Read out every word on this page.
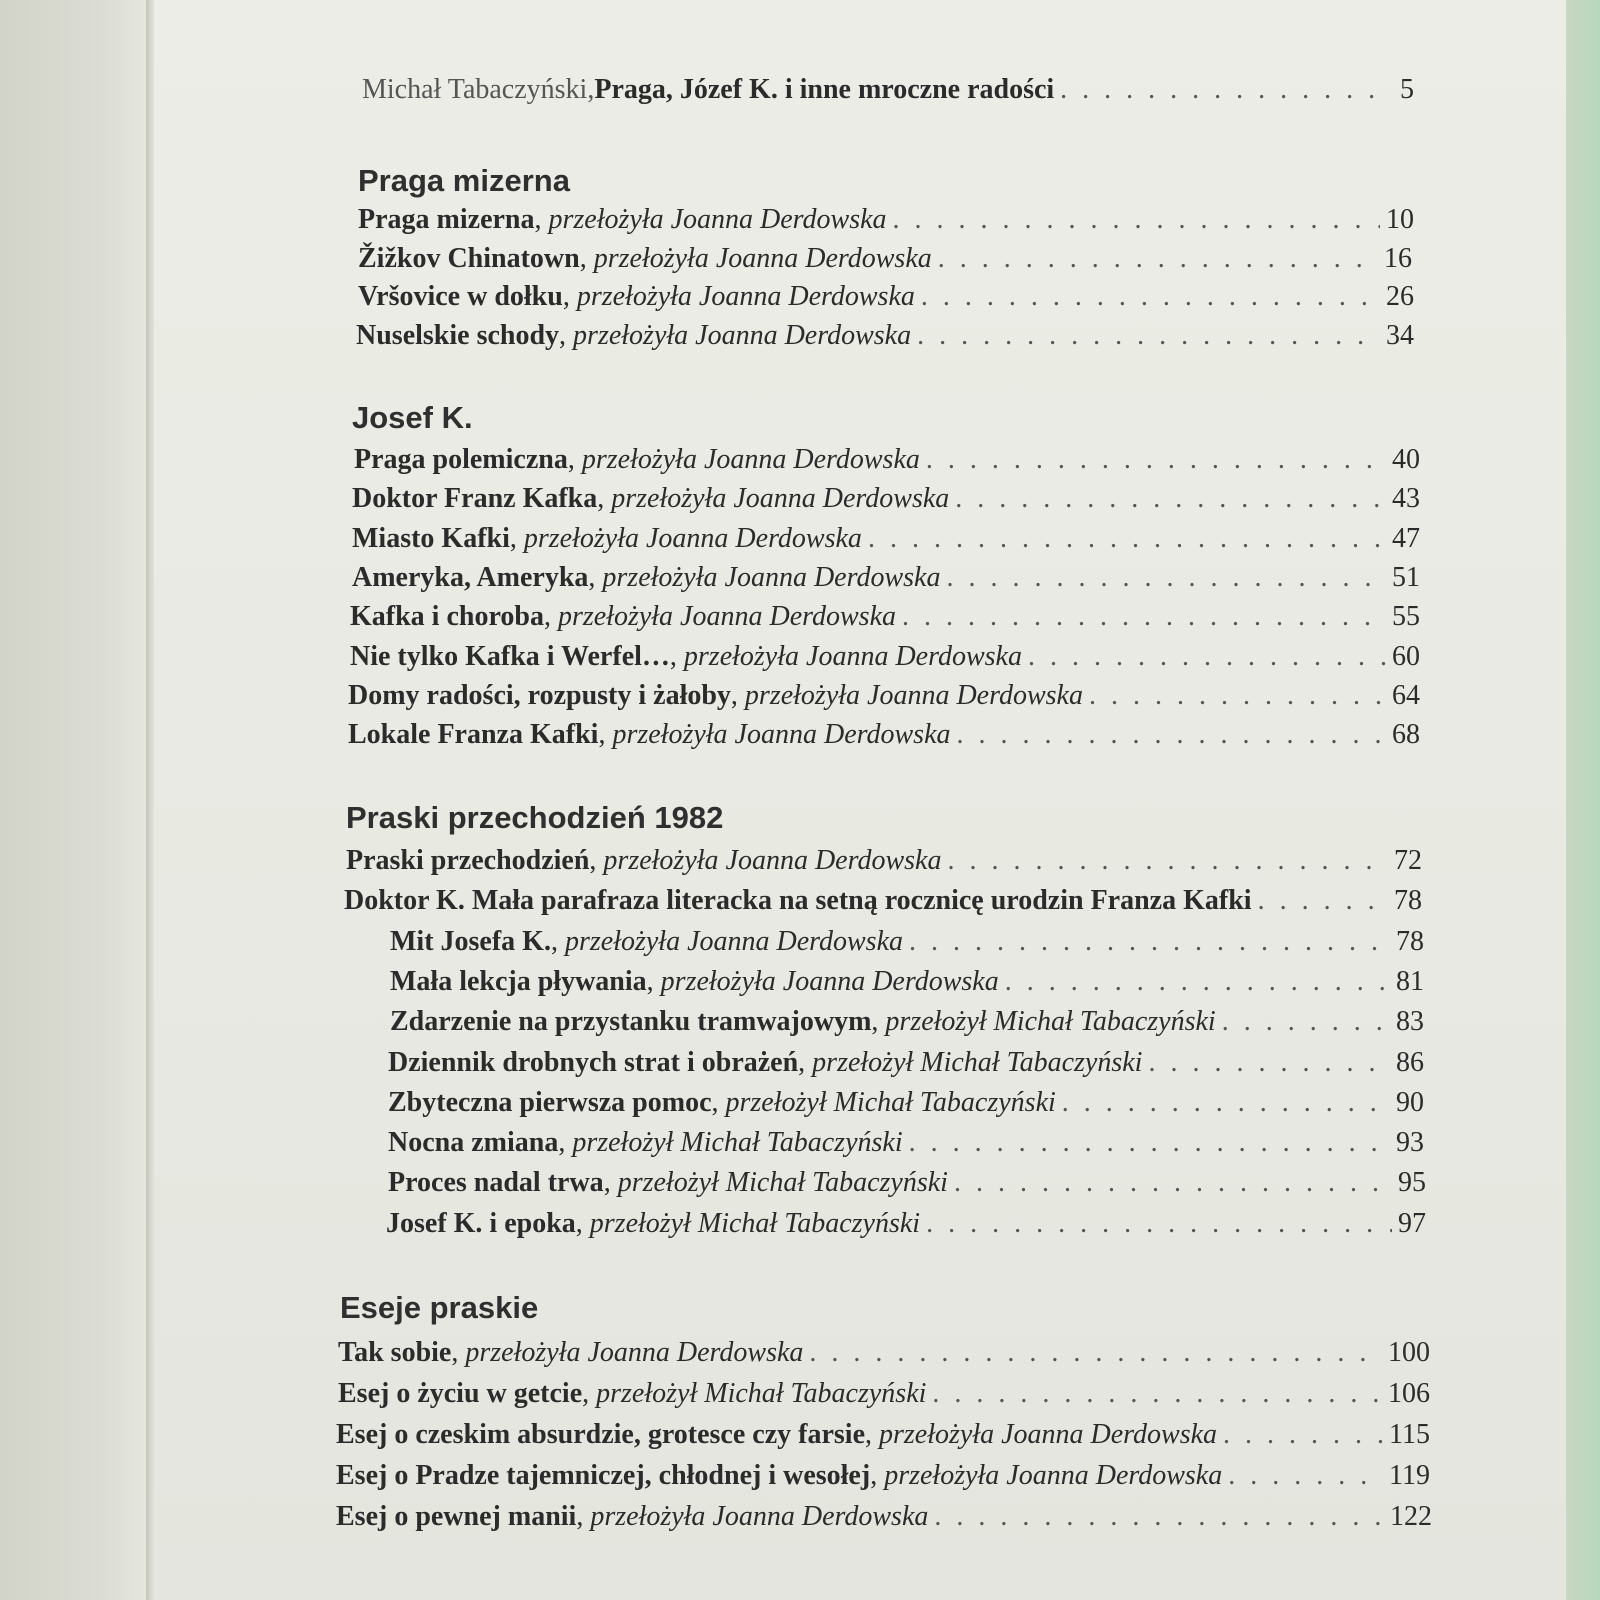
Michał Tabaczyński, Praga, Józef K. i inne mroczne radości . . .	5
Praga mizerna
Praga mizerna , przełożyła Joanna Derdowska . . .	10
Žižkov Chinatown , przełożyła Joanna Derdowska . . .	16
Vršovice w dołku , przełożyła Joanna Derdowska . . .	26
Nuselskie schody , przełożyła Joanna Derdowska . . .	34
Josef K.
Praga polemiczna , przełożyła Joanna Derdowska . . .	40
Doktor Franz Kafka , przełożyła Joanna Derdowska . . .	43
Miasto Kafki , przełożyła Joanna Derdowska . . .	47
Ameryka, Ameryka , przełożyła Joanna Derdowska . . .	51
Kafka i choroba , przełożyła Joanna Derdowska . . .	55
Nie tylko Kafka i Werfel… , przełożyła Joanna Derdowska . . .	60
Domy radości, rozpusty i żałoby , przełożyła Joanna Derdowska . . .	64
Lokale Franza Kafki , przełożyła Joanna Derdowska . . .	68
Praski przechodzień 1982
Praski przechodzień , przełożyła Joanna Derdowska . . .	72
Doktor K. Mała parafraza literacka na setną rocznicę urodzin Franza Kafki . . .	78
Mit Josefa K. , przełożyła Joanna Derdowska . . .	78
Mała lekcja pływania , przełożyła Joanna Derdowska . . .	81
Zdarzenie na przystanku tramwajowym , przełożył Michał Tabaczyński . . .	83
Dziennik drobnych strat i obrażeń , przełożył Michał Tabaczyński . . .	86
Zbyteczna pierwsza pomoc , przełożył Michał Tabaczyński . . .	90
Nocna zmiana , przełożył Michał Tabaczyński . . .	93
Proces nadal trwa , przełożył Michał Tabaczyński . . .	95
Josef K. i epoka , przełożył Michał Tabaczyński . . .	97
Eseje praskie
Tak sobie , przełożyła Joanna Derdowska . . .	100
Esej o życiu w getcie , przełożył Michał Tabaczyński . . .	106
Esej o czeskim absurdzie, grotesce czy farsie , przełożyła Joanna Derdowska . . .	115
Esej o Pradze tajemniczej, chłodnej i wesołej , przełożyła Joanna Derdowska . . .	119
Esej o pewnej manii , przełożyła Joanna Derdowska . . .	122
